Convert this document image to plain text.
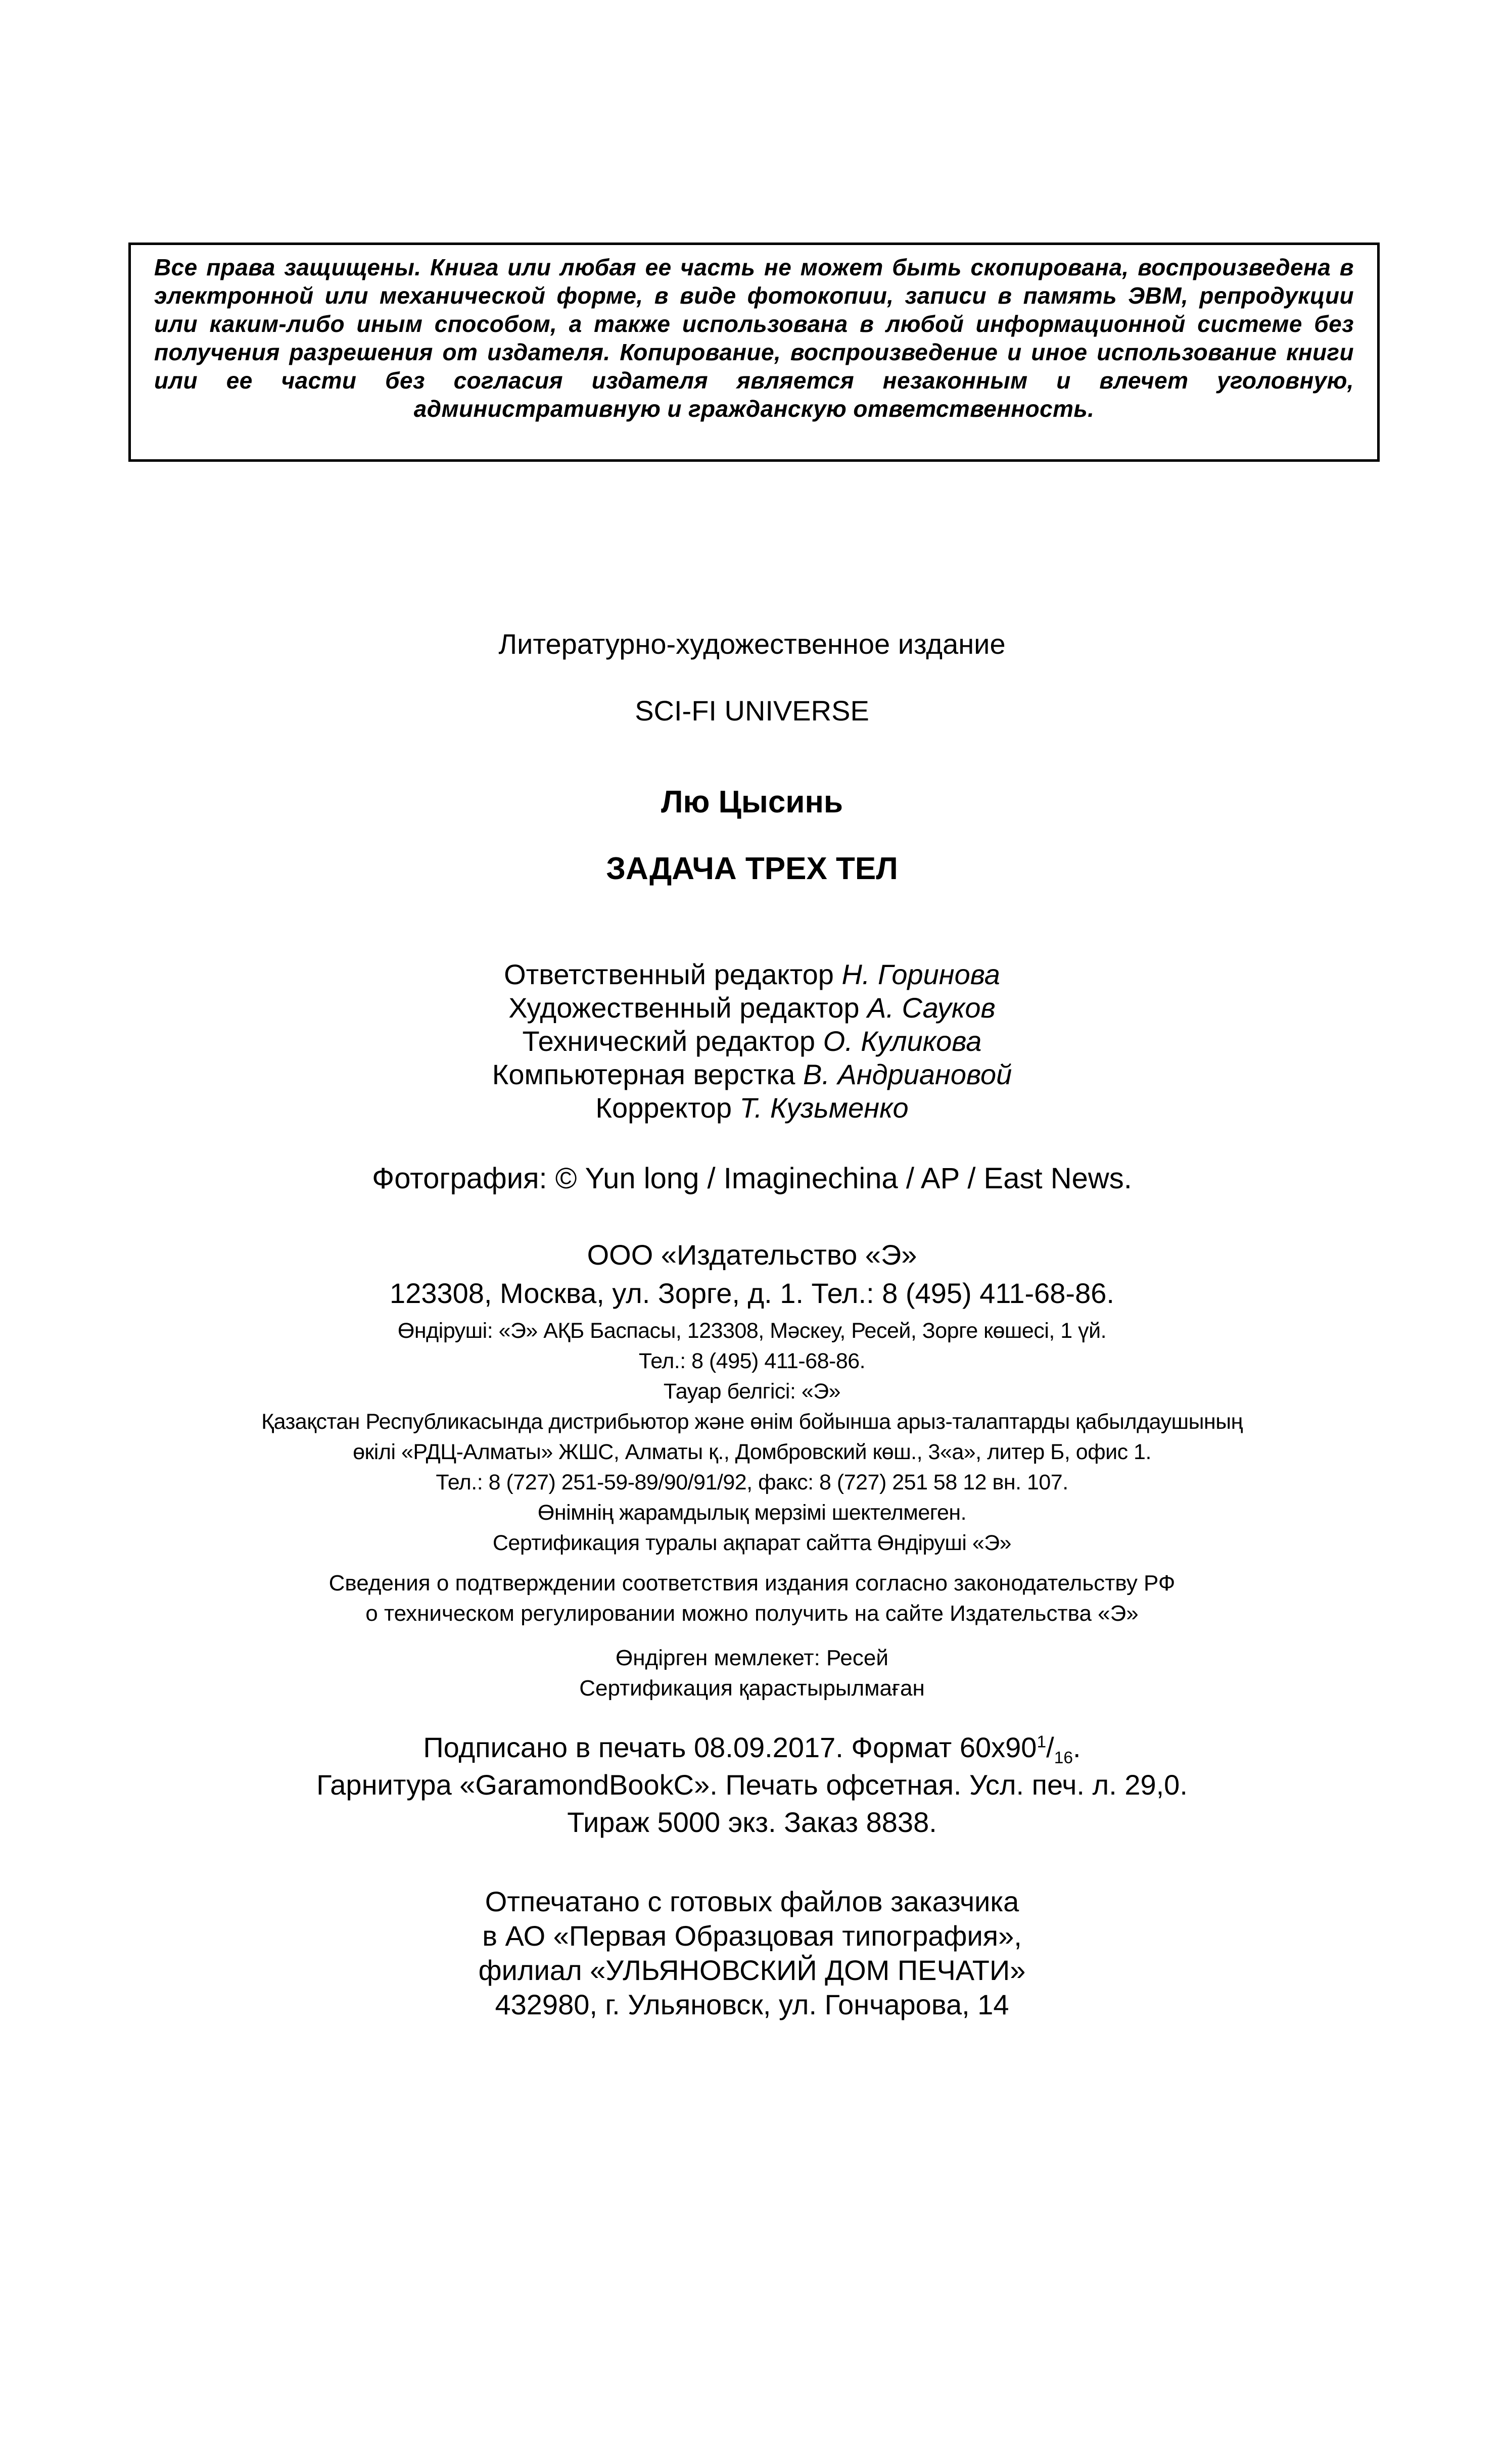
Все права защищены. Книга или любая ее часть не может быть скопирована, воспроизведена в электронной или механической форме, в виде фотокопии, записи в память ЭВМ, репродукции или каким-либо иным способом, а также использована в любой информационной системе без получения разрешения от издателя. Копирование, воспроизведение и иное использование книги или ее части без согласия издателя является незаконным и влечет уголовную, административную и гражданскую ответственность.
Литературно-художественное издание
SCI-FI UNIVERSE
Лю Цысинь
ЗАДАЧА ТРЕХ ТЕЛ
Ответственный редактор Н. Горинова
Художественный редактор А. Сауков
Технический редактор О. Куликова
Компьютерная верстка В. Андриановой
Корректор Т. Кузьменко
Фотография: © Yun long / Imaginechina / AP / East News.
ООО «Издательство «Э»
123308, Москва, ул. Зорге, д. 1. Тел.: 8 (495) 411-68-86.
Өндіруші: «Э» АҚБ Баспасы, 123308, Мәскеу, Ресей, Зорге көшесі, 1 үй.
Тел.: 8 (495) 411-68-86.
Тауар белгісі: «Э»
Қазақстан Республикасында дистрибьютор және өнім бойынша арыз-талаптарды қабылдаушының
өкілі «РДЦ-Алматы» ЖШС, Алматы қ., Домбровский көш., 3«а», литер Б, офис 1.
Тел.: 8 (727) 251-59-89/90/91/92, факс: 8 (727) 251 58 12 вн. 107.
Өнімнің жарамдылық мерзімі шектелмеген.
Сертификация туралы ақпарат сайтта Өндіруші «Э»
Сведения о подтверждении соответствия издания согласно законодательству РФ
о техническом регулировании можно получить на сайте Издательства «Э»
Өндірген мемлекет: Ресей
Сертификация қарастырылмаған
Подписано в печать 08.09.2017. Формат $60х90^1/_{16}$.
Гарнитура «GaramondBookC». Печать офсетная. Усл. печ. л. 29,0.
Тираж 5000 экз. Заказ 8838.
Отпечатано с готовых файлов заказчика
в АО «Первая Образцовая типография»,
филиал «УЛЬЯНОВСКИЙ ДОМ ПЕЧАТИ»
432980, г. Ульяновск, ул. Гончарова, 14
